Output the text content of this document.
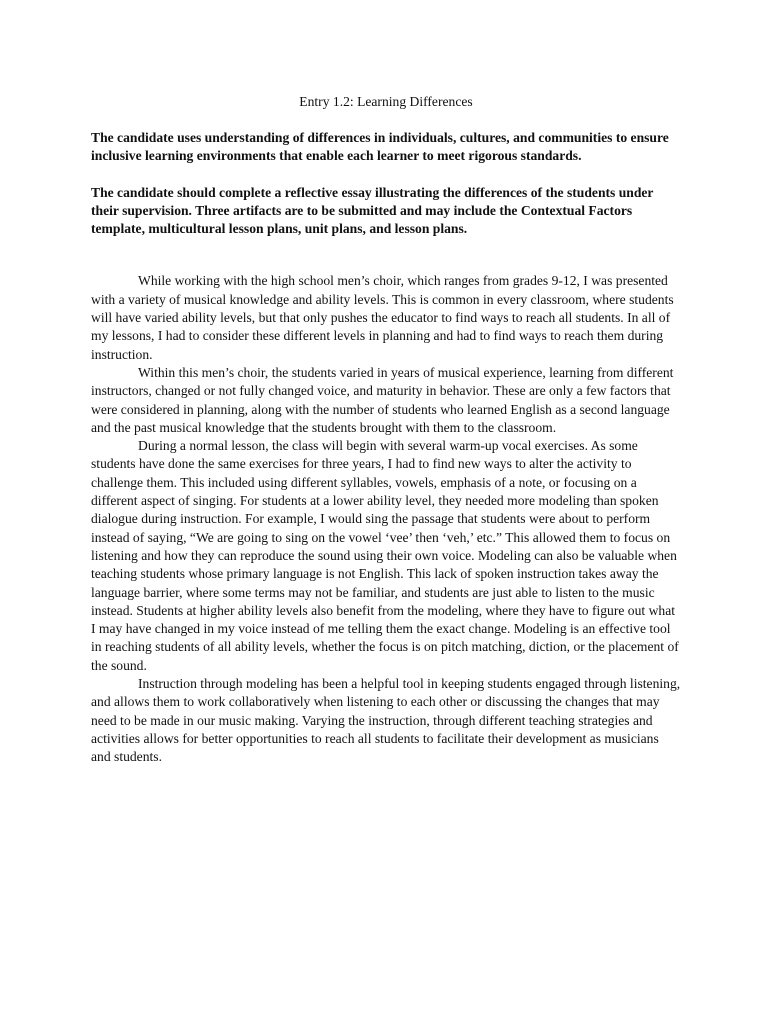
Entry 1.2: Learning Differences

The candidate uses understanding of differences in individuals, cultures, and communities to ensure inclusive learning environments that enable each learner to meet rigorous standards.

The candidate should complete a reflective essay illustrating the differences of the students under their supervision. Three artifacts are to be submitted and may include the Contextual Factors template, multicultural lesson plans, unit plans, and lesson plans.

While working with the high school men’s choir, which ranges from grades 9-12, I was presented with a variety of musical knowledge and ability levels. This is common in every classroom, where students will have varied ability levels, but that only pushes the educator to find ways to reach all students. In all of my lessons, I had to consider these different levels in planning and had to find ways to reach them during instruction.

Within this men’s choir, the students varied in years of musical experience, learning from different instructors, changed or not fully changed voice, and maturity in behavior. These are only a few factors that were considered in planning, along with the number of students who learned English as a second language and the past musical knowledge that the students brought with them to the classroom.

During a normal lesson, the class will begin with several warm-up vocal exercises. As some students have done the same exercises for three years, I had to find new ways to alter the activity to challenge them. This included using different syllables, vowels, emphasis of a note, or focusing on a different aspect of singing. For students at a lower ability level, they needed more modeling than spoken dialogue during instruction. For example, I would sing the passage that students were about to perform instead of saying, “We are going to sing on the vowel ‘vee’ then ‘veh,’ etc.” This allowed them to focus on listening and how they can reproduce the sound using their own voice. Modeling can also be valuable when teaching students whose primary language is not English. This lack of spoken instruction takes away the language barrier, where some terms may not be familiar, and students are just able to listen to the music instead. Students at higher ability levels also benefit from the modeling, where they have to figure out what I may have changed in my voice instead of me telling them the exact change. Modeling is an effective tool in reaching students of all ability levels, whether the focus is on pitch matching, diction, or the placement of the sound.

Instruction through modeling has been a helpful tool in keeping students engaged through listening, and allows them to work collaboratively when listening to each other or discussing the changes that may need to be made in our music making. Varying the instruction, through different teaching strategies and activities allows for better opportunities to reach all students to facilitate their development as musicians and students.
